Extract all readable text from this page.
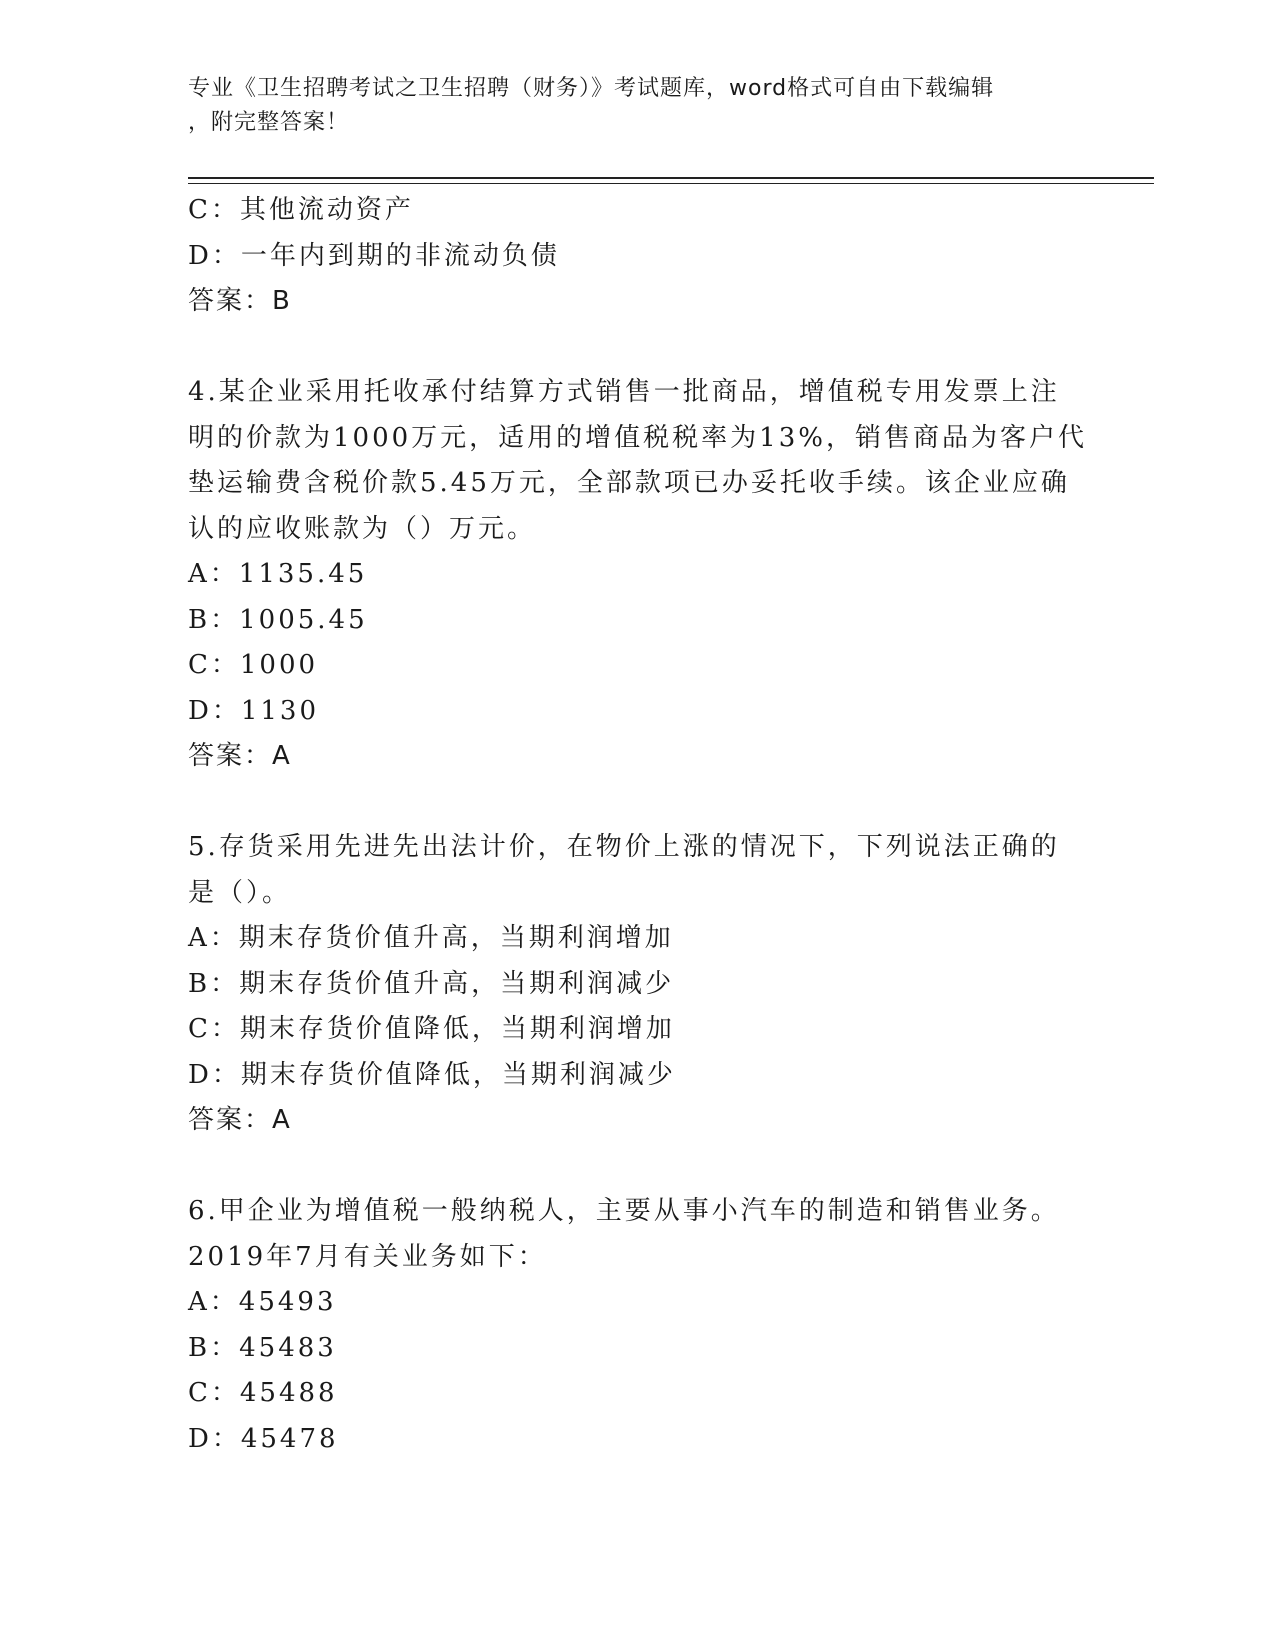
专业《卫生招聘考试之卫生招聘（财务）》考试题库，word格式可自由下载编辑
，附完整答案！
C：其他流动资产
D：一年内到期的非流动负债
答案：B
4.某企业采用托收承付结算方式销售一批商品，增值税专用发票上注
明的价款为1000万元，适用的增值税税率为13%，销售商品为客户代
垫运输费含税价款5.45万元，全部款项已办妥托收手续。该企业应确
认的应收账款为（）万元。
A：1135.45
B：1005.45
C：1000
D：1130
答案：A
5.存货采用先进先出法计价，在物价上涨的情况下，下列说法正确的
是（）。
A：期末存货价值升高，当期利润增加
B：期末存货价值升高，当期利润减少
C：期末存货价值降低，当期利润增加
D：期末存货价值降低，当期利润减少
答案：A
6.甲企业为增值税一般纳税人，主要从事小汽车的制造和销售业务。
2019年7月有关业务如下：
A：45493
B：45483
C：45488
D：45478
